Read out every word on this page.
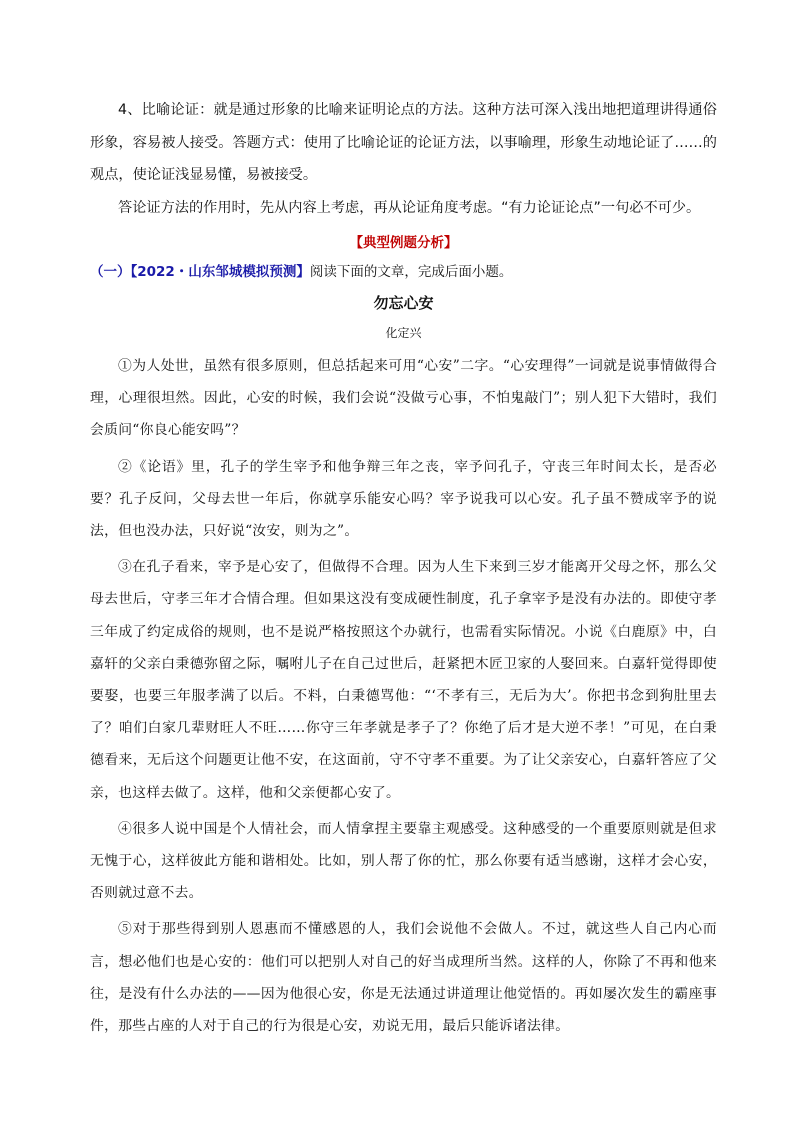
4、比喻论证：就是通过形象的比喻来证明论点的方法。这种方法可深入浅出地把道理讲得通俗形象，容易被人接受。答题方式：使用了比喻论证的论证方法，以事喻理，形象生动地论证了……的观点，使论证浅显易懂，易被接受。

答论证方法的作用时，先从内容上考虑，再从论证角度考虑。“有力论证论点”一句必不可少。

【典型例题分析】

（一）【2022・山东邹城模拟预测】阅读下面的文章，完成后面小题。

勿忘心安

化定兴

①为人处世，虽然有很多原则，但总括起来可用“心安”二字。“心安理得”一词就是说事情做得合理，心理很坦然。因此，心安的时候，我们会说“没做亏心事，不怕鬼敲门”；别人犯下大错时，我们会质问“你良心能安吗”？

②《论语》里，孔子的学生宰予和他争辩三年之丧，宰予问孔子，守丧三年时间太长，是否必要？孔子反问，父母去世一年后，你就享乐能安心吗？宰予说我可以心安。孔子虽不赞成宰予的说法，但也没办法，只好说“汝安，则为之”。

③在孔子看来，宰予是心安了，但做得不合理。因为人生下来到三岁才能离开父母之怀，那么父母去世后，守孝三年才合情合理。但如果这没有变成硬性制度，孔子拿宰予是没有办法的。即使守孝三年成了约定成俗的规则，也不是说严格按照这个办就行，也需看实际情况。小说《白鹿原》中，白嘉轩的父亲白秉德弥留之际，嘱咐儿子在自己过世后，赶紧把木匠卫家的人娶回来。白嘉轩觉得即使要娶，也要三年服孝满了以后。不料，白秉德骂他：“‘不孝有三，无后为大’。你把书念到狗肚里去了？咱们白家几辈财旺人不旺……你守三年孝就是孝子了？你绝了后才是大逆不孝！”可见，在白秉德看来，无后这个问题更让他不安，在这面前，守不守孝不重要。为了让父亲安心，白嘉轩答应了父亲，也这样去做了。这样，他和父亲便都心安了。

④很多人说中国是个人情社会，而人情拿捏主要靠主观感受。这种感受的一个重要原则就是但求无愧于心，这样彼此方能和谐相处。比如，别人帮了你的忙，那么你要有适当感谢，这样才会心安，否则就过意不去。

⑤对于那些得到别人恩惠而不懂感恩的人，我们会说他不会做人。不过，就这些人自己内心而言，想必他们也是心安的：他们可以把别人对自己的好当成理所当然。这样的人，你除了不再和他来往，是没有什么办法的——因为他很心安，你是无法通过讲道理让他觉悟的。再如屡次发生的霸座事件，那些占座的人对于自己的行为很是心安，劝说无用，最后只能诉诸法律。
